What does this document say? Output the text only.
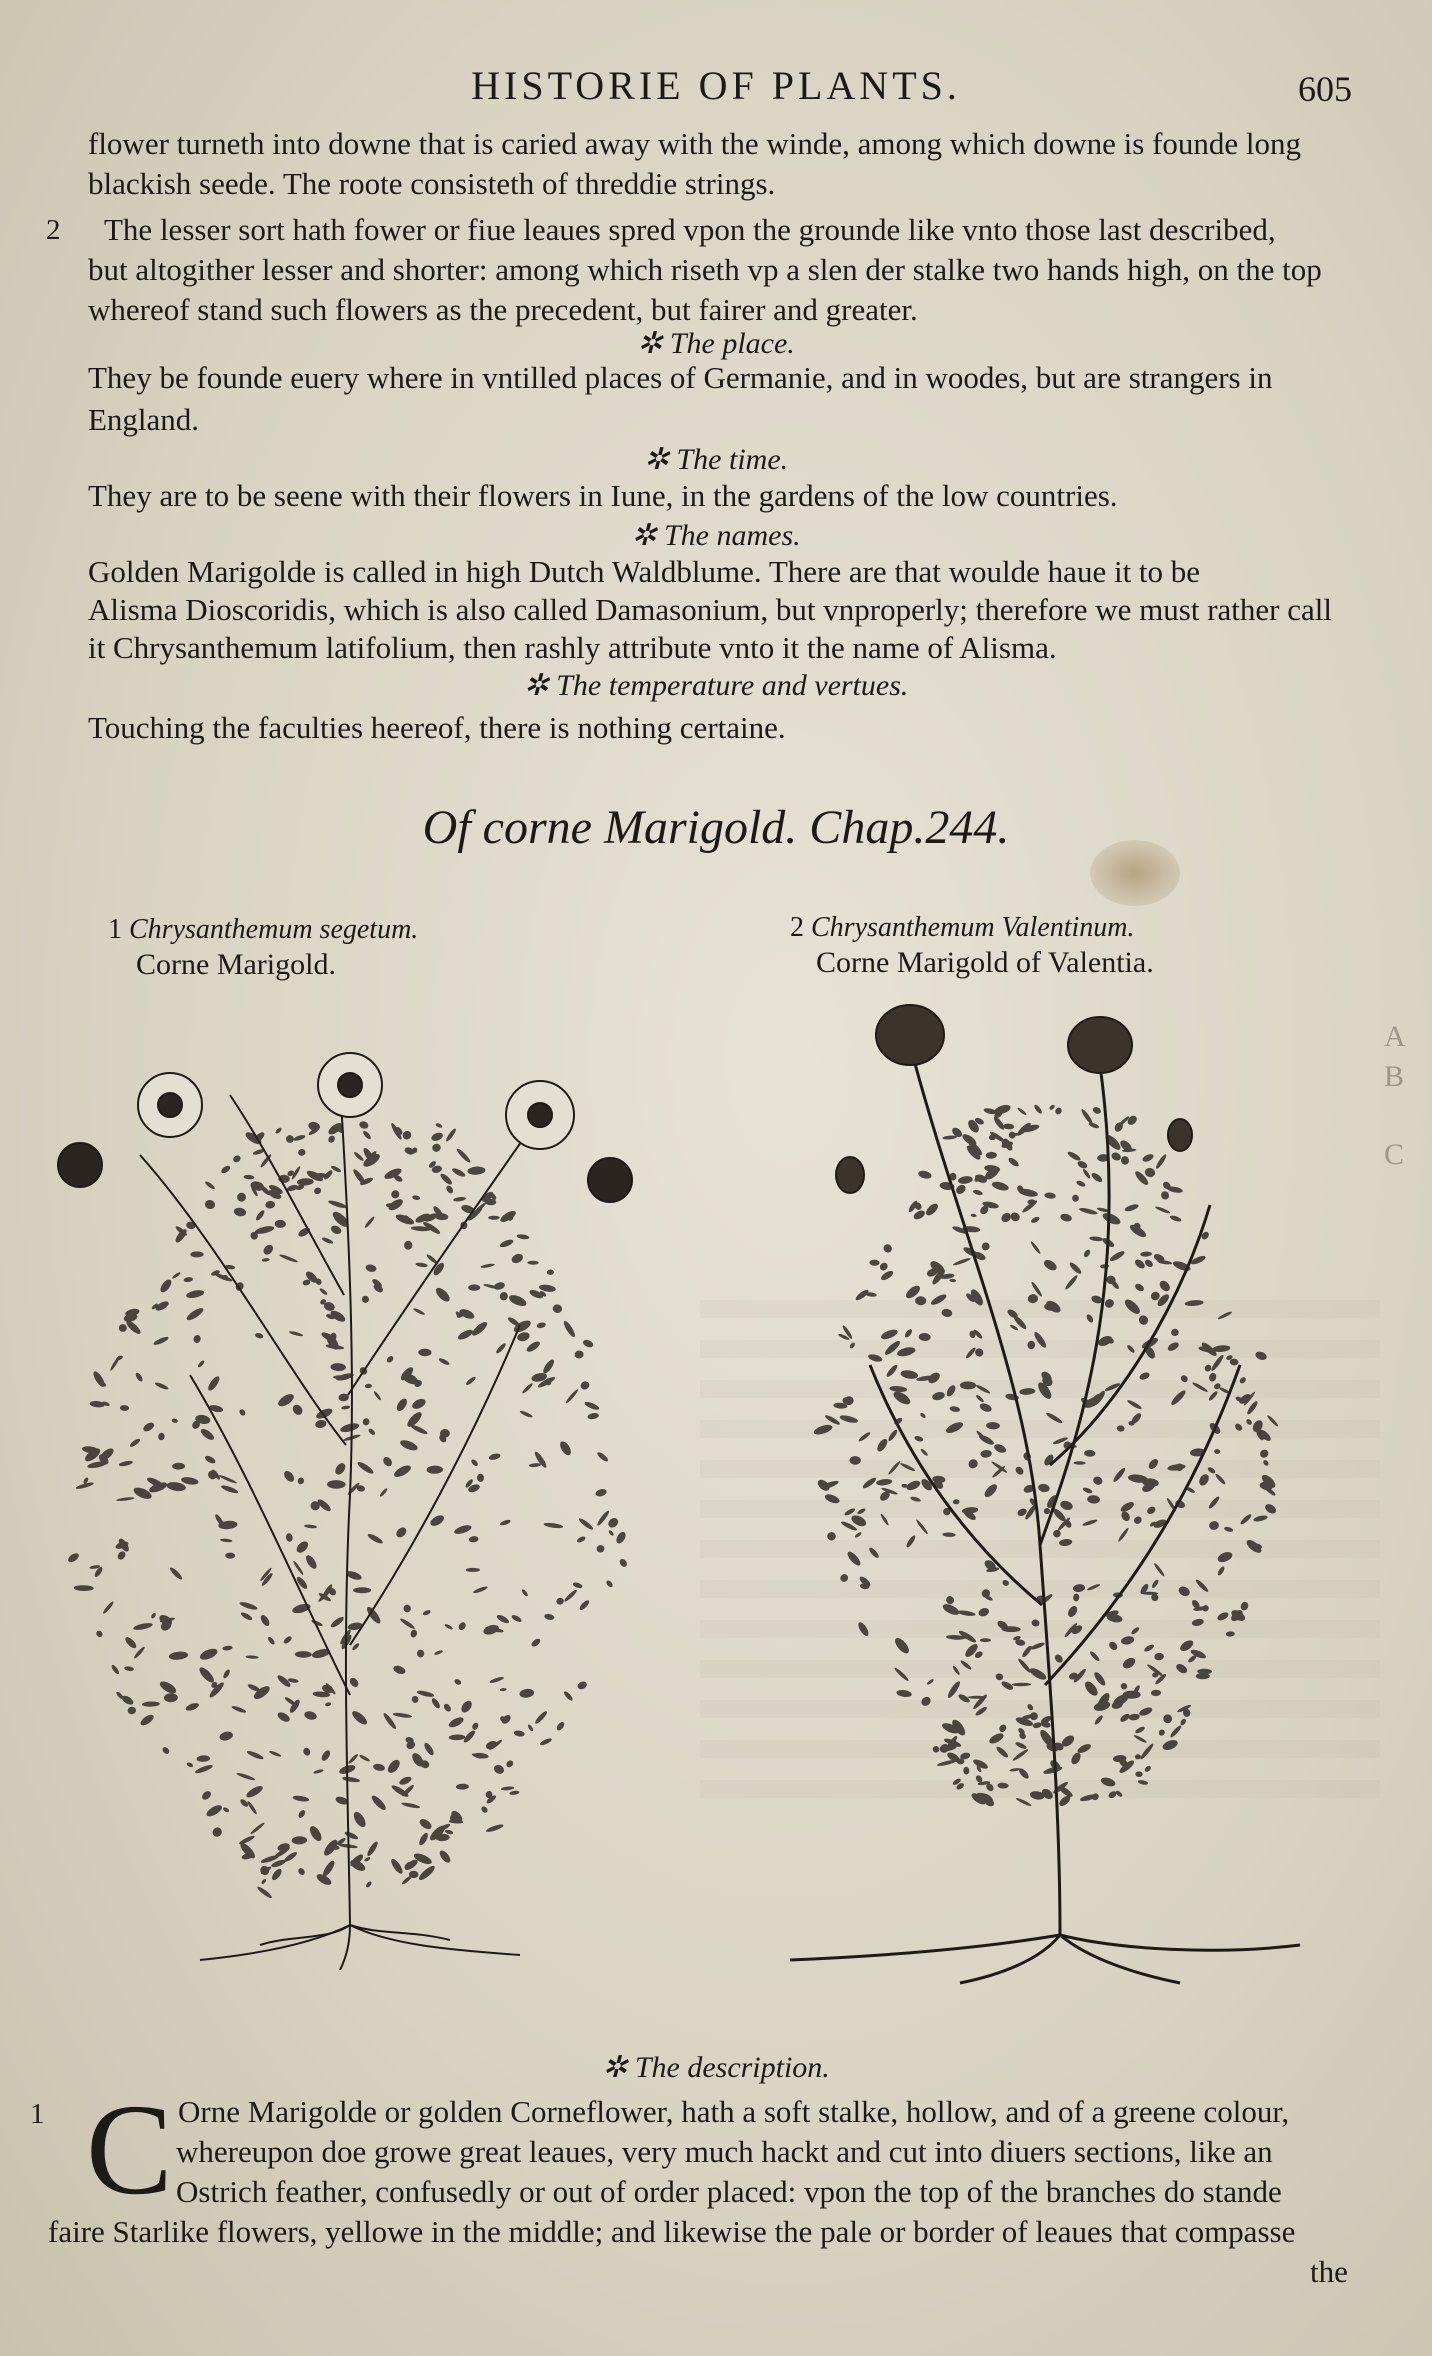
A
B
C
HISTORIE OF PLANTS.	605
flower turneth into downe that is caried away with the winde, among which downe is founde long
blackish seede. The roote consisteth of threddie strings.
2 The lesser sort hath fower or fiue leaues spred vpon the grounde like vnto those last described,
but altogither lesser and shorter: among which riseth vp a slen der stalke two hands high, on the top
whereof stand such flowers as the precedent, but fairer and greater.
✲ The place.
They be founde euery where in vntilled places of Germanie, and in woodes, but are strangers in
England.
✲ The time.
They are to be seene with their flowers in Iune, in the gardens of the low countries.
✲ The names.
Golden Marigolde is called in high Dutch Waldblume. There are that woulde haue it to be
Alisma Dioscoridis, which is also called Damasonium, but vnproperly; therefore we must rather call
it Chrysanthemum latifolium, then rashly attribute vnto it the name of Alisma.
✲ The temperature and vertues.
Touching the faculties heereof, there is nothing certaine.
Of corne Marigold. Chap.244.
1 Chrysanthemum segetum.
Corne Marigold.
2 Chrysanthemum Valentinum.
Corne Marigold of Valentia.
✲ The description.
1 C Orne Marigolde or golden Corneflower, hath a soft stalke, hollow, and of a greene colour,
whereupon doe growe great leaues, very much hackt and cut into diuers sections, like an
Ostrich feather, confusedly or out of order placed: vpon the top of the branches do stande
faire Starlike flowers, yellowe in the middle; and likewise the pale or border of leaues that compasse
the
